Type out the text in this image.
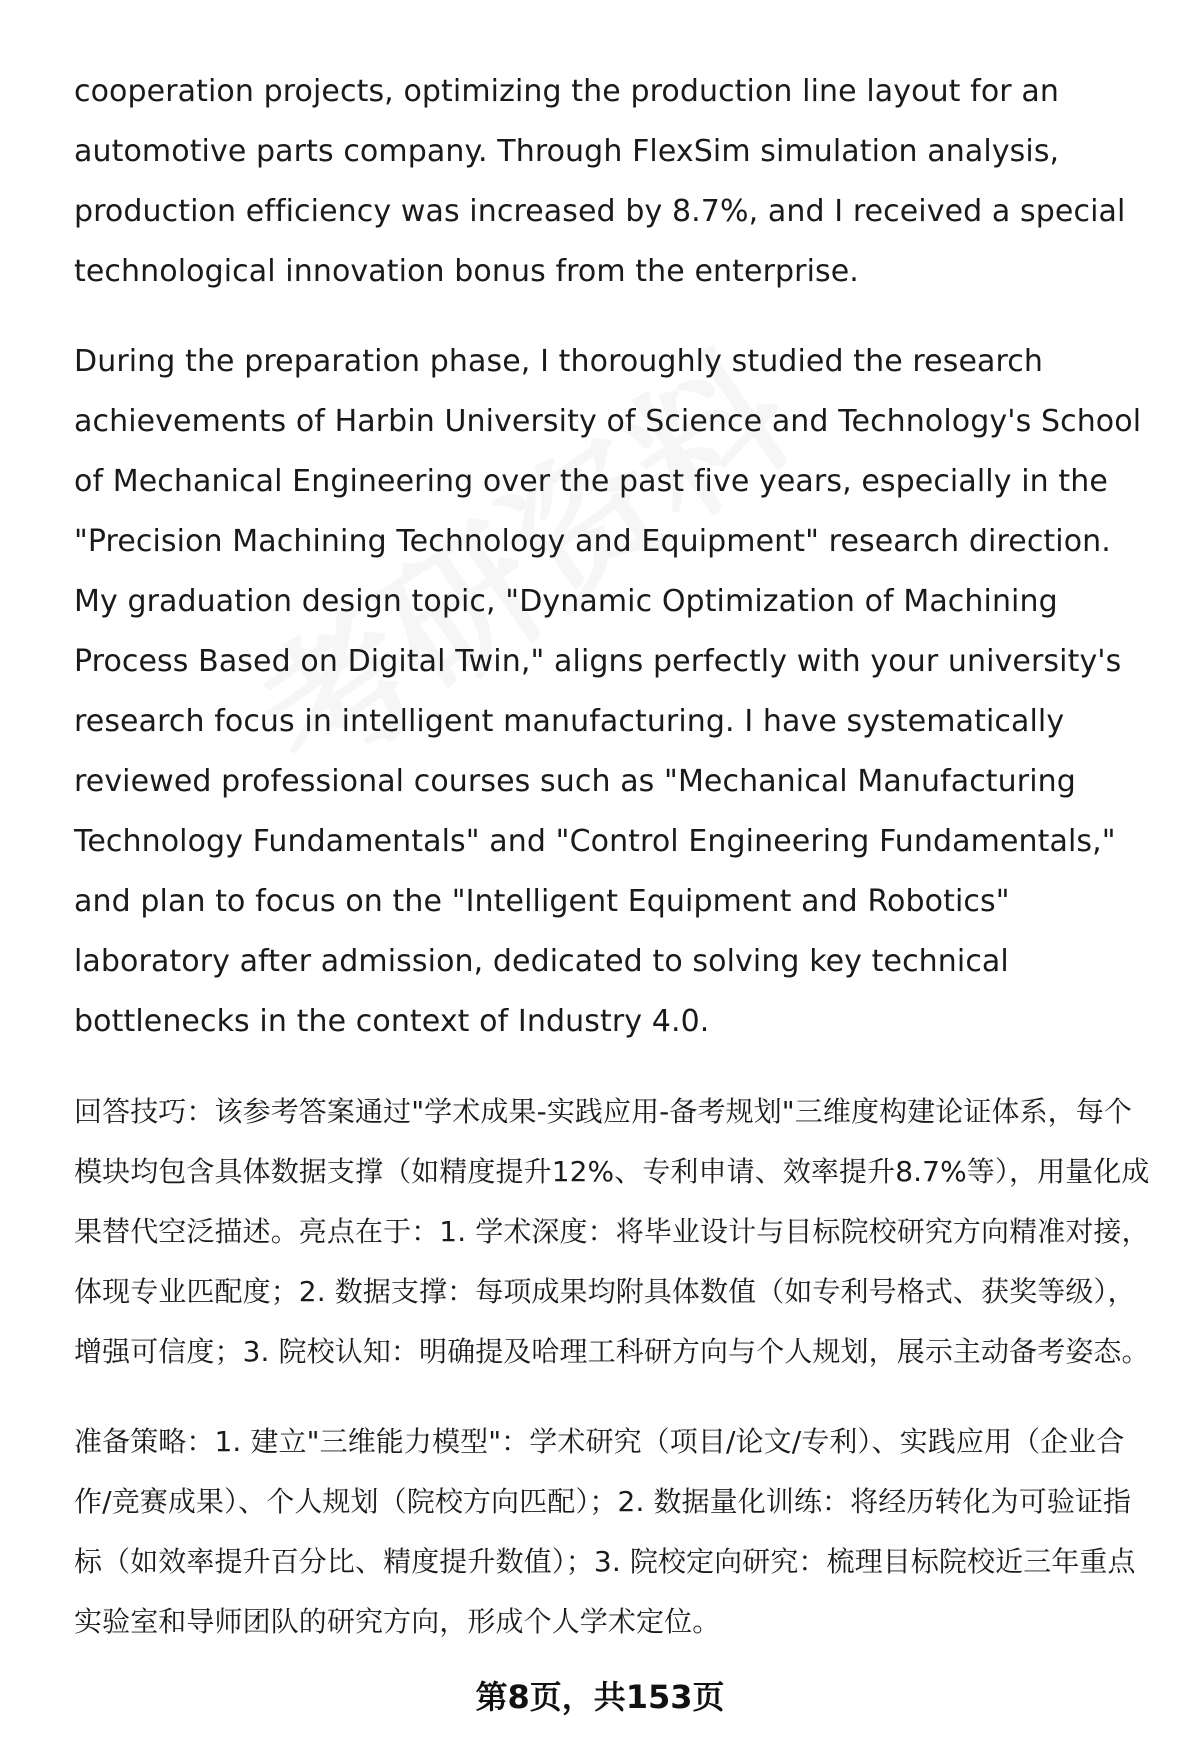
cooperation projects, optimizing the production line layout for an automotive parts company. Through FlexSim simulation analysis, production efficiency was increased by 8.7%, and I received a special technological innovation bonus from the enterprise.

During the preparation phase, I thoroughly studied the research achievements of Harbin University of Science and Technology's School of Mechanical Engineering over the past five years, especially in the "Precision Machining Technology and Equipment" research direction. My graduation design topic, "Dynamic Optimization of Machining Process Based on Digital Twin," aligns perfectly with your university's research focus in intelligent manufacturing. I have systematically reviewed professional courses such as "Mechanical Manufacturing Technology Fundamentals" and "Control Engineering Fundamentals," and plan to focus on the "Intelligent Equipment and Robotics" laboratory after admission, dedicated to solving key technical bottlenecks in the context of Industry 4.0.

回答技巧：该参考答案通过"学术成果-实践应用-备考规划"三维度构建论证体系，每个模块均包含具体数据支撑（如精度提升12%、专利申请、效率提升8.7%等），用量化成果替代空泛描述。亮点在于：1. 学术深度：将毕业设计与目标院校研究方向精准对接，体现专业匹配度；2. 数据支撑：每项成果均附具体数值（如专利号格式、获奖等级），增强可信度；3. 院校认知：明确提及哈理工科研方向与个人规划，展示主动备考姿态。

准备策略：1. 建立"三维能力模型"：学术研究（项目/论文/专利）、实践应用（企业合作/竞赛成果）、个人规划（院校方向匹配）；2. 数据量化训练：将经历转化为可验证指标（如效率提升百分比、精度提升数值）；3. 院校定向研究：梳理目标院校近三年重点实验室和导师团队的研究方向，形成个人学术定位。

第8页，共153页
